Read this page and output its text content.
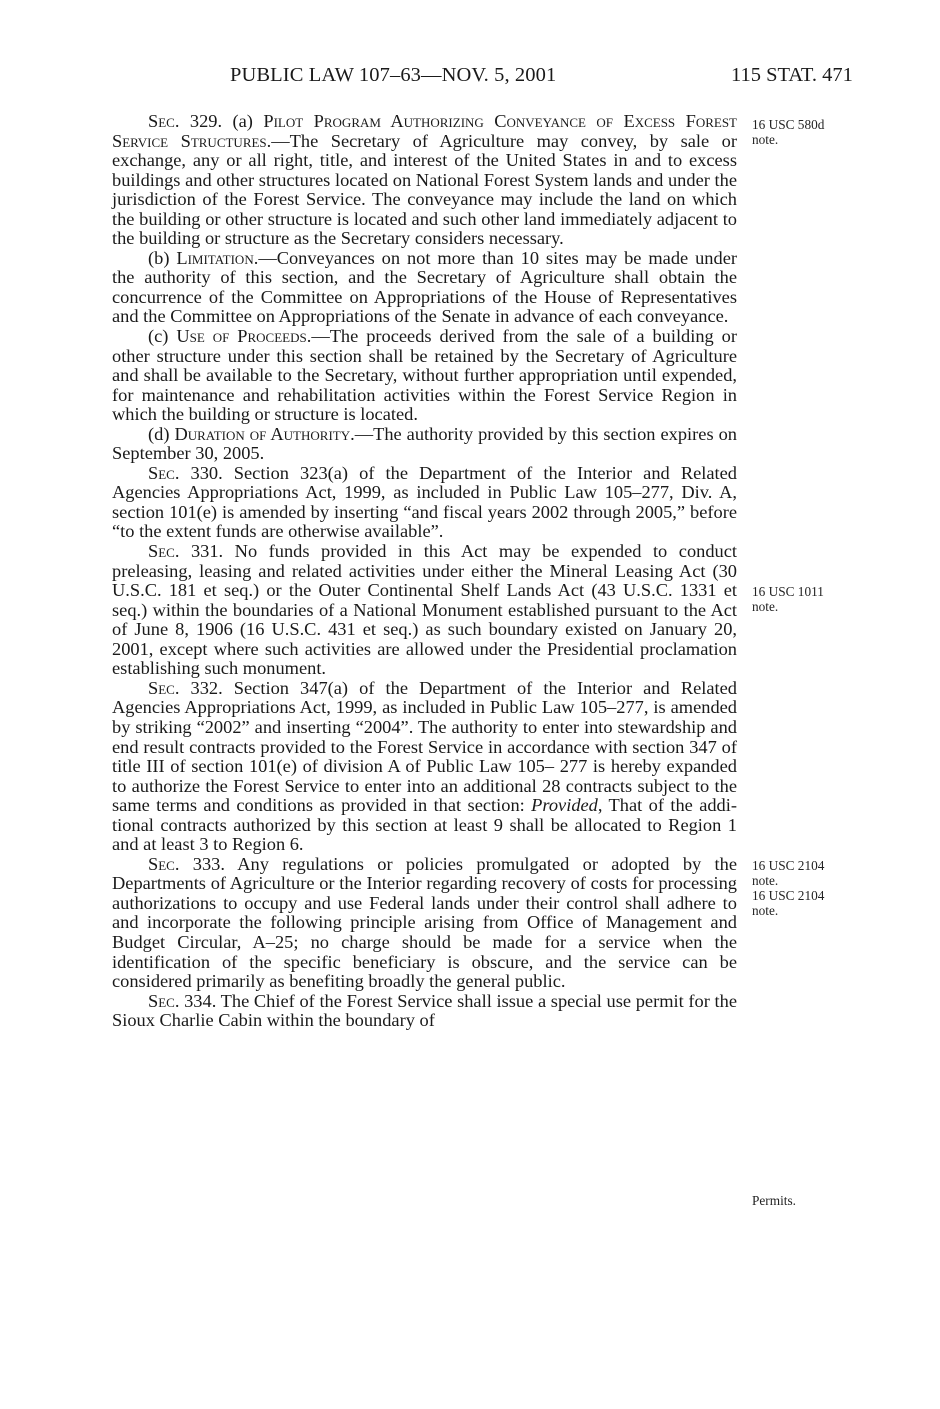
PUBLIC LAW 107–63—NOV. 5, 2001	115 STAT. 471

Sec. 329. (a) Pilot Program Authorizing Conveyance of Excess Forest Service Structures.—The Secretary of Agriculture may convey, by sale or exchange, any or all right, title, and interest of the United States in and to excess buildings and other structures located on National Forest System lands and under the jurisdiction of the Forest Service. The conveyance may include the land on which the building or other structure is located and such other land immediately adjacent to the building or structure as the Secretary considers necessary.

(b) Limitation.—Conveyances on not more than 10 sites may be made under the authority of this section, and the Secretary of Agriculture shall obtain the concurrence of the Committee on Appropriations of the House of Representatives and the Committee on Appropriations of the Senate in advance of each conveyance.

(c) Use of Proceeds.—The proceeds derived from the sale of a building or other structure under this section shall be retained by the Secretary of Agriculture and shall be available to the Secretary, without further appropriation until expended, for maintenance and rehabilitation activities within the Forest Service Region in which the building or structure is located.

(d) Duration of Authority.—The authority provided by this section expires on September 30, 2005.

Sec. 330. Section 323(a) of the Department of the Interior and Related Agencies Appropriations Act, 1999, as included in Public Law 105–277, Div. A, section 101(e) is amended by inserting “and fiscal years 2002 through 2005,” before “to the extent funds are otherwise available”.

Sec. 331. No funds provided in this Act may be expended to conduct preleasing, leasing and related activities under either the Mineral Leasing Act (30 U.S.C. 181 et seq.) or the Outer Continental Shelf Lands Act (43 U.S.C. 1331 et seq.) within the boundaries of a National Monument established pursuant to the Act of June 8, 1906 (16 U.S.C. 431 et seq.) as such boundary existed on January 20, 2001, except where such activities are allowed under the Presidential proclamation establishing such monument.

Sec. 332. Section 347(a) of the Department of the Interior and Related Agencies Appropriations Act, 1999, as included in Public Law 105–277, is amended by striking “2002” and inserting “2004”. The authority to enter into stewardship and end result contracts provided to the Forest Service in accordance with section 347 of title III of section 101(e) of division A of Public Law 105– 277 is hereby expanded to authorize the Forest Service to enter into an additional 28 contracts subject to the same terms and conditions as provided in that section: Provided, That of the additional contracts authorized by this section at least 9 shall be allocated to Region 1 and at least 3 to Region 6.

Sec. 333. Any regulations or policies promulgated or adopted by the Departments of Agriculture or the Interior regarding recovery of costs for processing authorizations to occupy and use Federal lands under their control shall adhere to and incorporate the following principle arising from Office of Management and Budget Circular, A–25; no charge should be made for a service when the identification of the specific beneficiary is obscure, and the service can be considered primarily as benefiting broadly the general public.

Sec. 334. The Chief of the Forest Service shall issue a special use permit for the Sioux Charlie Cabin within the boundary of

16 USC 580d
note.
16 USC 1011
note.
16 USC 2104
note.
16 USC 2104
note.
Permits.
